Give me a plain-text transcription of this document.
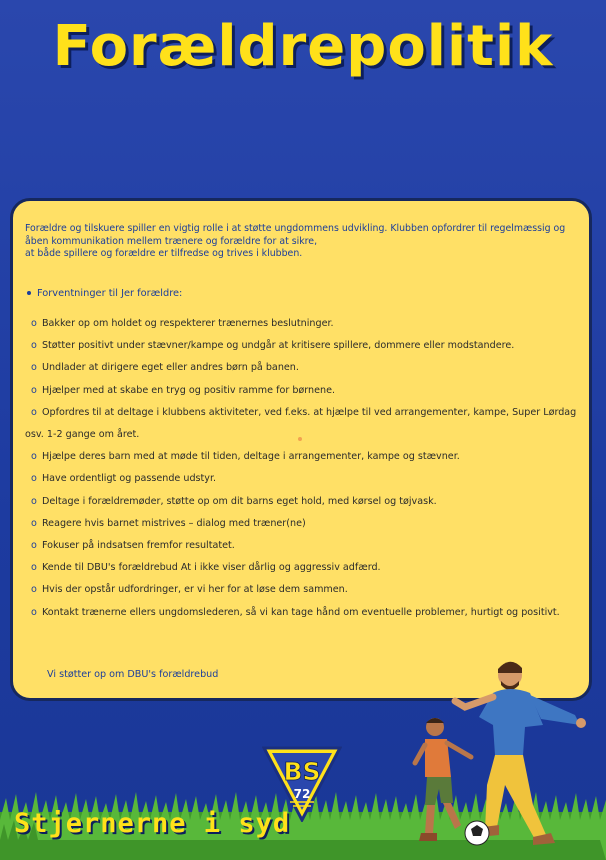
Forældrepolitik

Forældre og tilskuere spiller en vigtig rolle i at støtte ungdommens udvikling. Klubben opfordrer til regelmæssig og

åben kommunikation mellem trænere og forældre for at sikre,

at både spillere og forældre er tilfredse og trives i klubben.

Forventninger til Jer forældre:
o Bakker op om holdet og respekterer trænernes beslutninger.
o Støtter positivt under stævner/kampe og undgår at kritisere spillere, dommere eller modstandere.
o Undlader at dirigere eget eller andres børn på banen.
o Hjælper med at skabe en tryg og positiv ramme for børnene.
o Opfordres til at deltage i klubbens aktiviteter, ved f.eks. at hjælpe til ved arrangementer, kampe, Super Lørdag
osv. 1-2 gange om året.
o Hjælpe deres barn med at møde til tiden, deltage i arrangementer, kampe og stævner.
o Have ordentligt og passende udstyr.
o Deltage i forældremøder, støtte op om dit barns eget hold, med kørsel og tøjvask.
o Reagere hvis barnet mistrives – dialog med træner(ne)
o Fokuser på indsatsen fremfor resultatet.
o Kende til DBU's forældrebud At i ikke viser dårlig og aggressiv adfærd.
o Hvis der opstår udfordringer, er vi her for at løse dem sammen.
o Kontakt trænerne ellers ungdomslederen, så vi kan tage hånd om eventuelle problemer, hurtigt og positivt.
Vi støtter op om DBU's forældrebud
BS
72
Stjernerne i syd
